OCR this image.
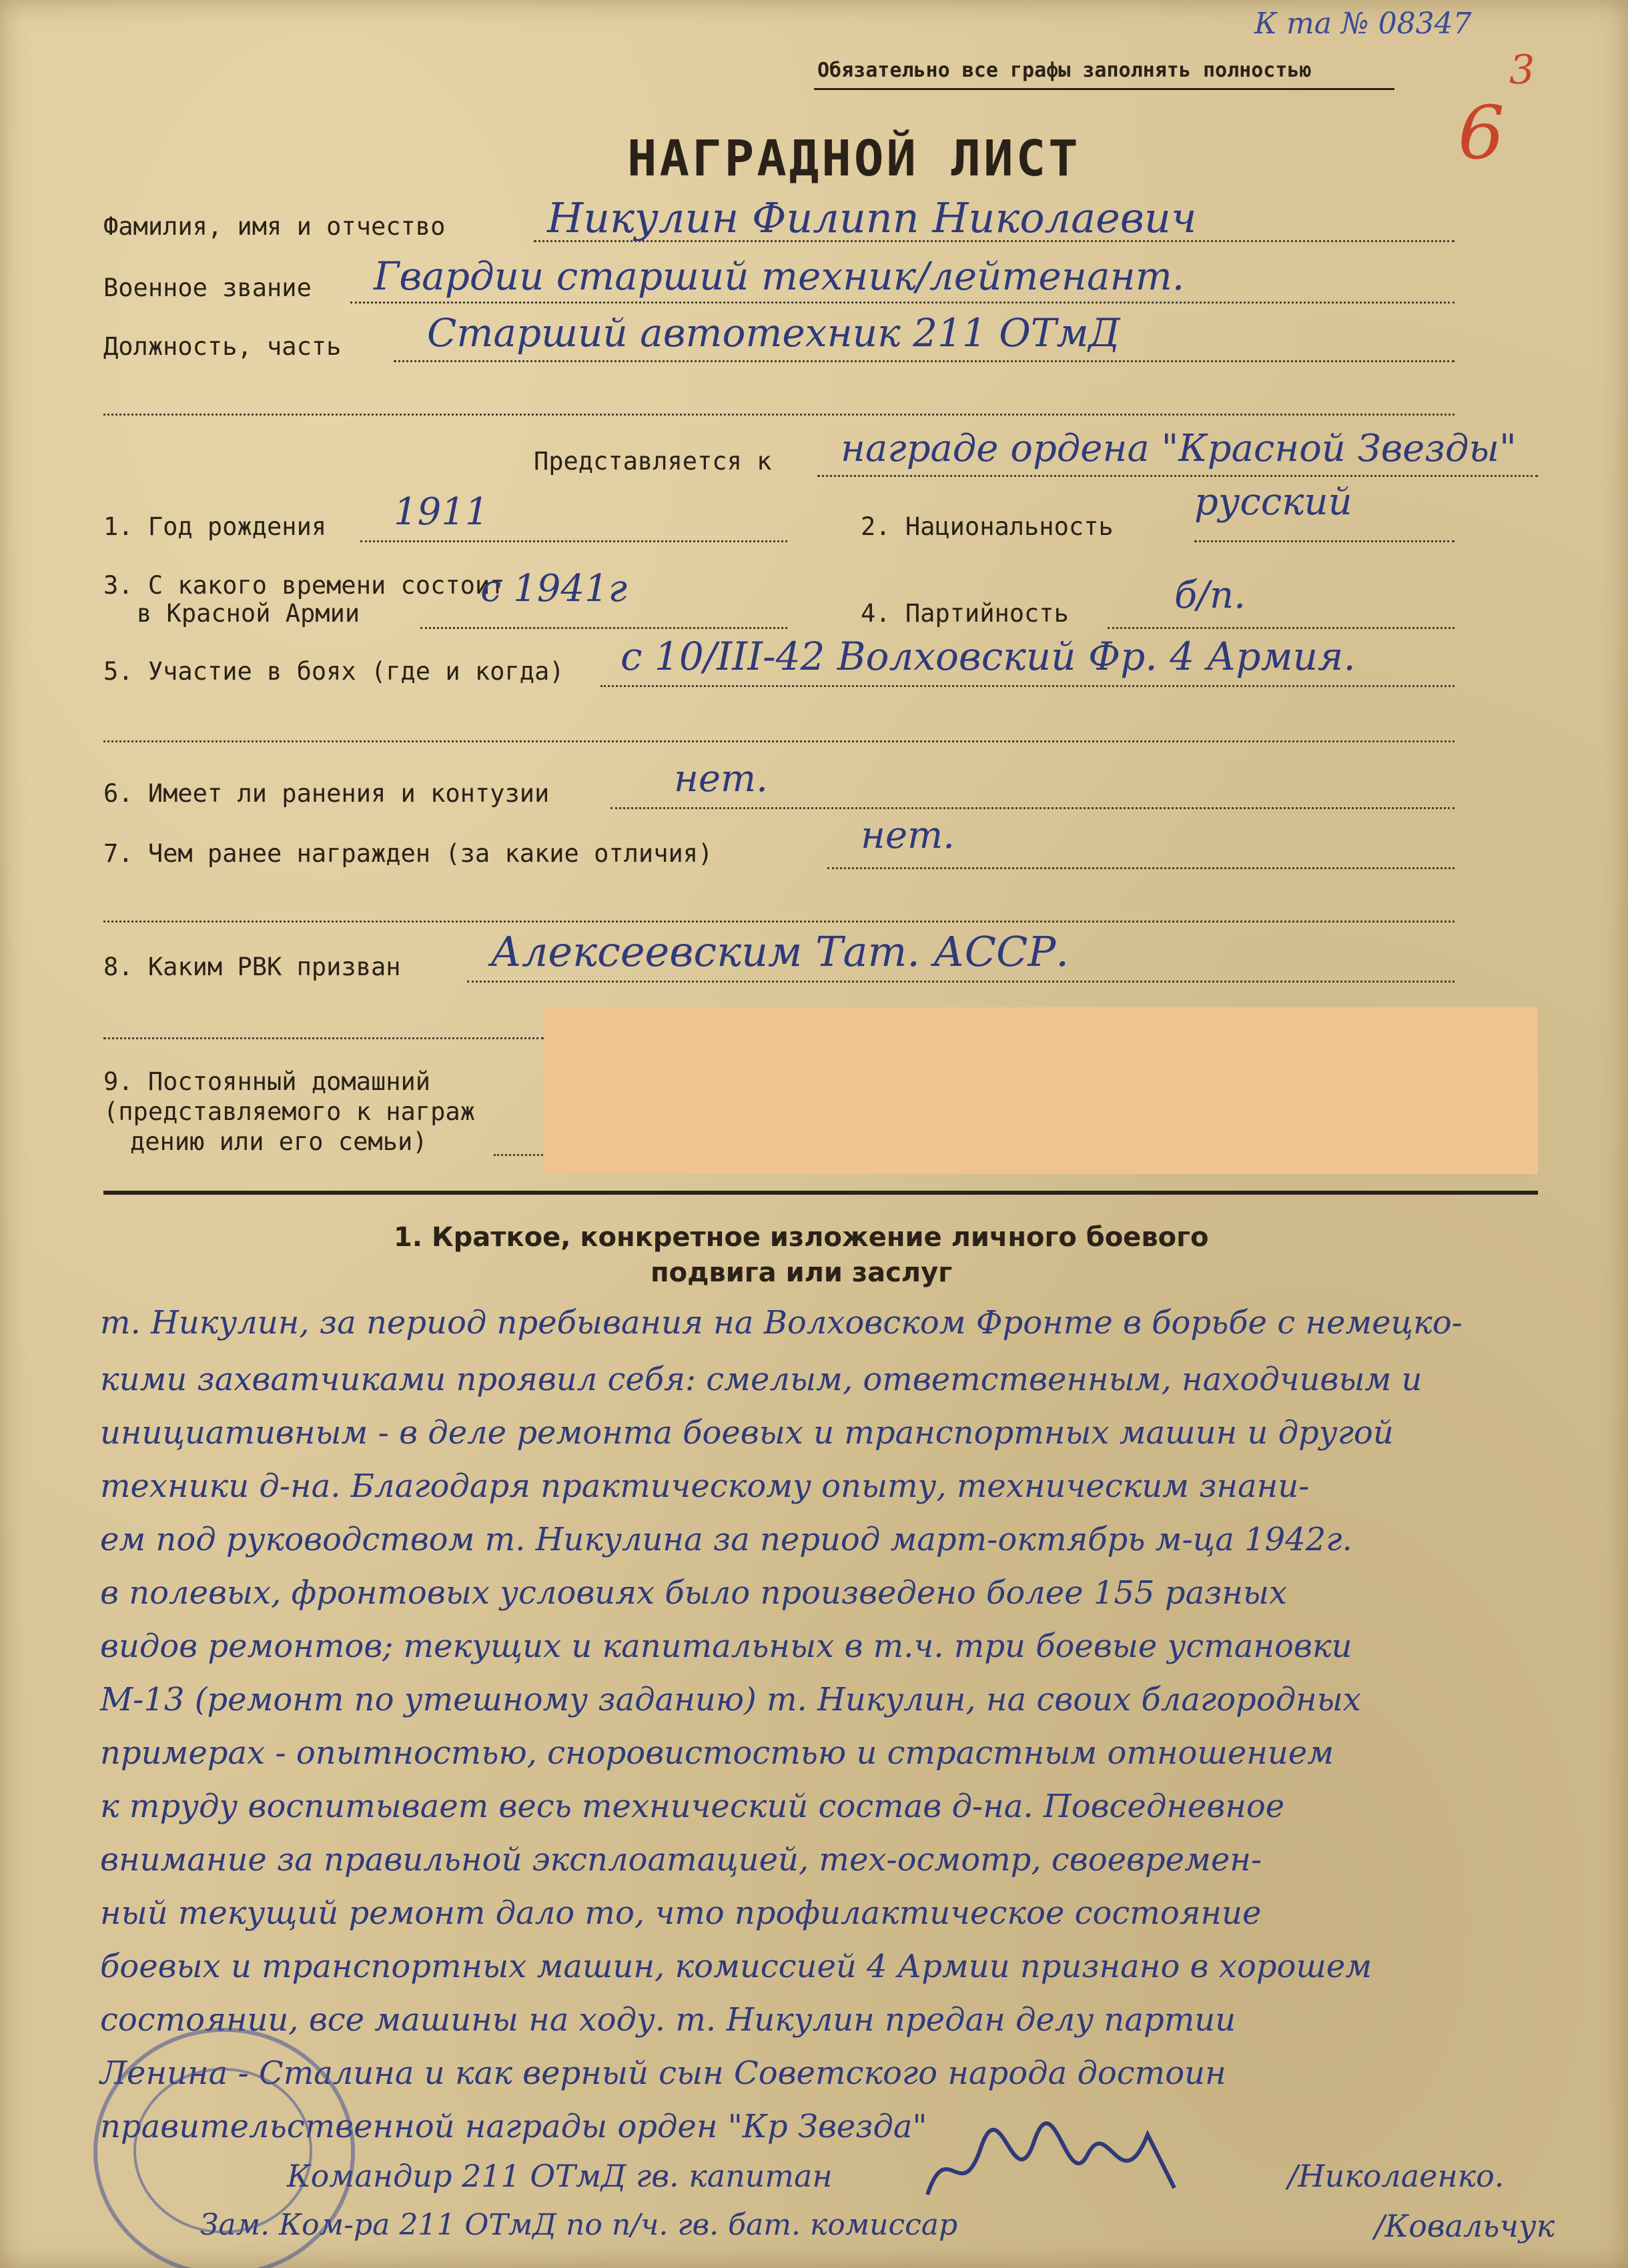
К та № 08347
Обязательно все графы заполнять полностью	3
6
НАГРАДНОЙ ЛИСТ
Фамилия, имя и отчество Никулин Филипп Николаевич
Военное звание Гвардии старший техник/лейтенант.
Должность, часть Старший автотехник 211 ОТмД
Представляется к награде ордена "Красной Звезды"
1. Год рождения 1911	2. Национальность
русский
3. С какого времени состоит
в Красной Армии
с 1941г
4. Партийность	б/п.
5. Участие в боях (где и когда) с 10/III-42 Волховский Фр. 4 Армия.
6. Имеет ли ранения и контузии	нет.
7. Чем ранее награжден (за какие отличия)	нет.
8. Каким РВК призван Алексеевским Тат. АССР.
9. Постоянный домашний
(представляемого к награж
дению или его семьи)
1. Краткое, конкретное изложение личного боевого
подвига или заслуг
т. Никулин, за период пребывания на Волховском Фронте в борьбе с немецко-
кими захватчиками проявил себя: смелым, ответственным, находчивым и
инициативным - в деле ремонта боевых и транспортных машин и другой
техники д-на. Благодаря практическому опыту, техническим знани-
ем под руководством т. Никулина за период март-октябрь м-ца 1942г.
в полевых, фронтовых условиях было произведено более 155 разных
видов ремонтов; текущих и капитальных в т.ч. три боевые установки
М-13 (ремонт по утешному заданию) т. Никулин, на своих благородных
примерах - опытностью, сноровистостью и страстным отношением
к труду воспитывает весь технический состав д-на. Повседневное
внимание за правильной эксплоатацией, тех-осмотр, своевремен-
ный текущий ремонт дало то, что профилактическое состояние
боевых и транспортных машин, комиссией 4 Армии признано в хорошем
состоянии, все машины на ходу. т. Никулин предан делу партии
Ленина - Сталина и как верный сын Советского народа достоин
правительственной награды орден "Кр Звезда"
Командир 211 ОТмД гв. капитан	/Николаенко.
Зам. Ком-ра 211 ОТмД по п/ч. гв. бат. комиссар	/Ковальчук
